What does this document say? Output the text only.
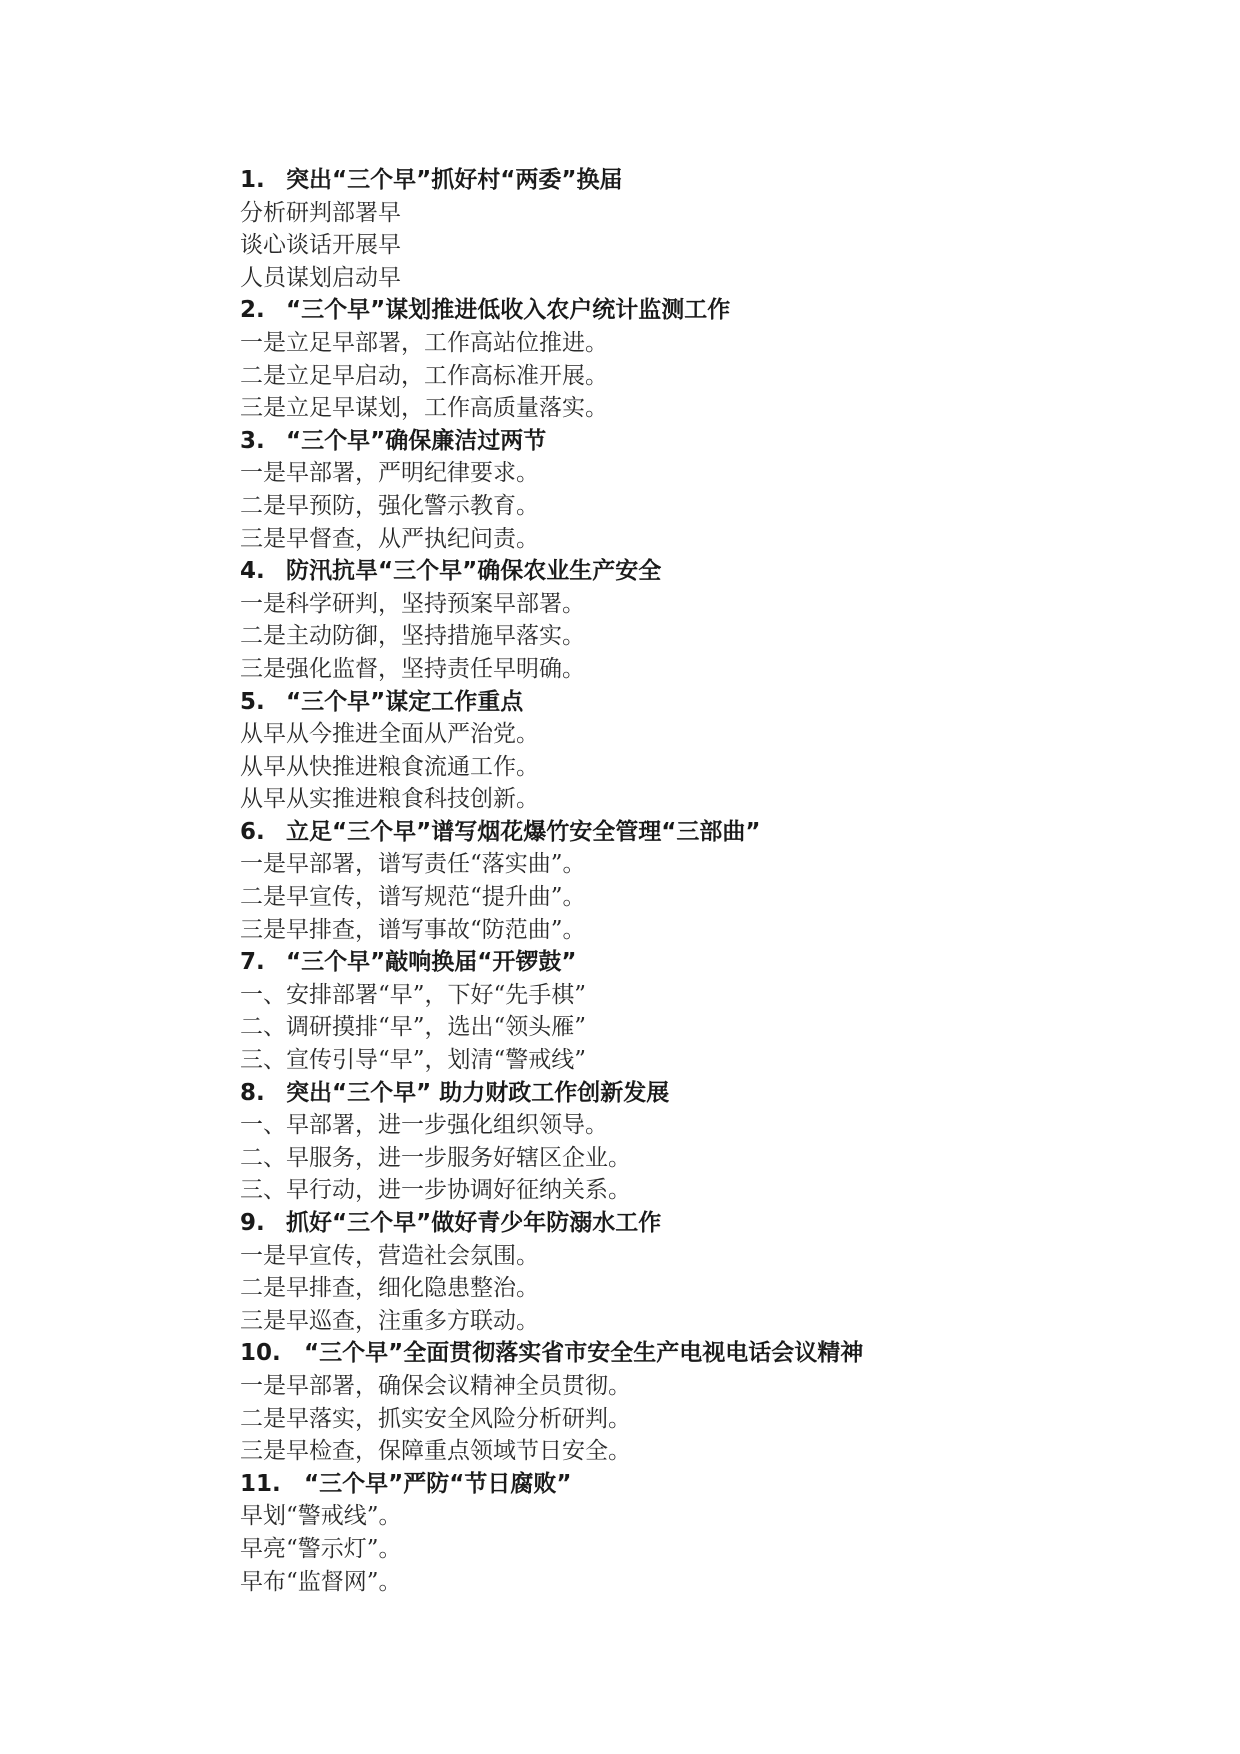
1. 突出“三个早”抓好村“两委”换届
分析研判部署早
谈心谈话开展早
人员谋划启动早
2. “三个早”谋划推进低收入农户统计监测工作
一是立足早部署，工作高站位推进。
二是立足早启动，工作高标准开展。
三是立足早谋划，工作高质量落实。
3. “三个早”确保廉洁过两节
一是早部署，严明纪律要求。
二是早预防，强化警示教育。
三是早督查，从严执纪问责。
4. 防汛抗旱“三个早”确保农业生产安全
一是科学研判，坚持预案早部署。
二是主动防御，坚持措施早落实。
三是强化监督，坚持责任早明确。
5. “三个早”谋定工作重点
从早从今推进全面从严治党。
从早从快推进粮食流通工作。
从早从实推进粮食科技创新。
6. 立足“三个早”谱写烟花爆竹安全管理“三部曲”
一是早部署，谱写责任“落实曲”。
二是早宣传，谱写规范“提升曲”。
三是早排查，谱写事故“防范曲”。
7. “三个早”敲响换届“开锣鼓”
一、安排部署“早”，下好“先手棋”
二、调研摸排“早”，选出“领头雁”
三、宣传引导“早”，划清“警戒线”
8. 突出“三个早” 助力财政工作创新发展
一、早部署，进一步强化组织领导。
二、早服务，进一步服务好辖区企业。
三、早行动，进一步协调好征纳关系。
9. 抓好“三个早”做好青少年防溺水工作
一是早宣传，营造社会氛围。
二是早排查，细化隐患整治。
三是早巡查，注重多方联动。
10. “三个早”全面贯彻落实省市安全生产电视电话会议精神
一是早部署，确保会议精神全员贯彻。
二是早落实，抓实安全风险分析研判。
三是早检查，保障重点领域节日安全。
11. “三个早”严防“节日腐败”
早划“警戒线”。
早亮“警示灯”。
早布“监督网”。
